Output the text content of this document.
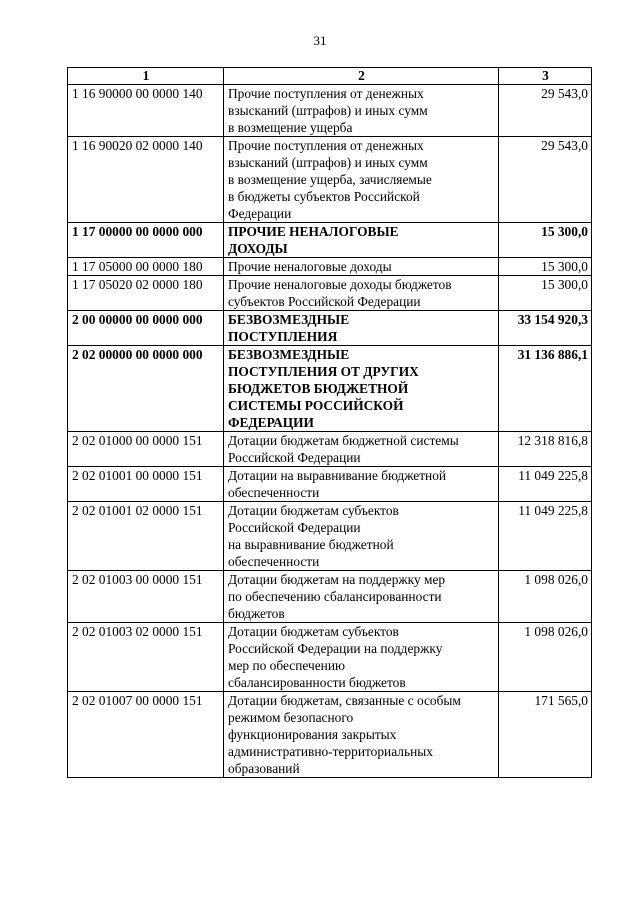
31
1	2	3
1 16 90000 00 0000 140	Прочие поступления от денежных
взысканий (штрафов) и иных сумм
в возмещение ущерба	29 543,0
1 16 90020 02 0000 140	Прочие поступления от денежных
взысканий (штрафов) и иных сумм
в возмещение ущерба, зачисляемые
в бюджеты субъектов Российской
Федерации	29 543,0
1 17 00000 00 0000 000	ПРОЧИЕ НЕНАЛОГОВЫЕ
ДОХОДЫ	15 300,0
1 17 05000 00 0000 180	Прочие неналоговые доходы	15 300,0
1 17 05020 02 0000 180	Прочие неналоговые доходы бюджетов
субъектов Российской Федерации	15 300,0
2 00 00000 00 0000 000	БЕЗВОЗМЕЗДНЫЕ
ПОСТУПЛЕНИЯ	33 154 920,3
2 02 00000 00 0000 000	БЕЗВОЗМЕЗДНЫЕ
ПОСТУПЛЕНИЯ ОТ ДРУГИХ
БЮДЖЕТОВ БЮДЖЕТНОЙ
СИСТЕМЫ РОССИЙСКОЙ
ФЕДЕРАЦИИ	31 136 886,1
2 02 01000 00 0000 151	Дотации бюджетам бюджетной системы
Российской Федерации	12 318 816,8
2 02 01001 00 0000 151	Дотации на выравнивание бюджетной
обеспеченности	11 049 225,8
2 02 01001 02 0000 151	Дотации бюджетам субъектов
Российской Федерации
на выравнивание бюджетной
обеспеченности	11 049 225,8
2 02 01003 00 0000 151	Дотации бюджетам на поддержку мер
по обеспечению сбалансированности
бюджетов	1 098 026,0
2 02 01003 02 0000 151	Дотации бюджетам субъектов
Российской Федерации на поддержку
мер по обеспечению
сбалансированности бюджетов	1 098 026,0
2 02 01007 00 0000 151	Дотации бюджетам, связанные с особым
режимом безопасного
функционирования закрытых
административно-территориальных
образований	171 565,0
